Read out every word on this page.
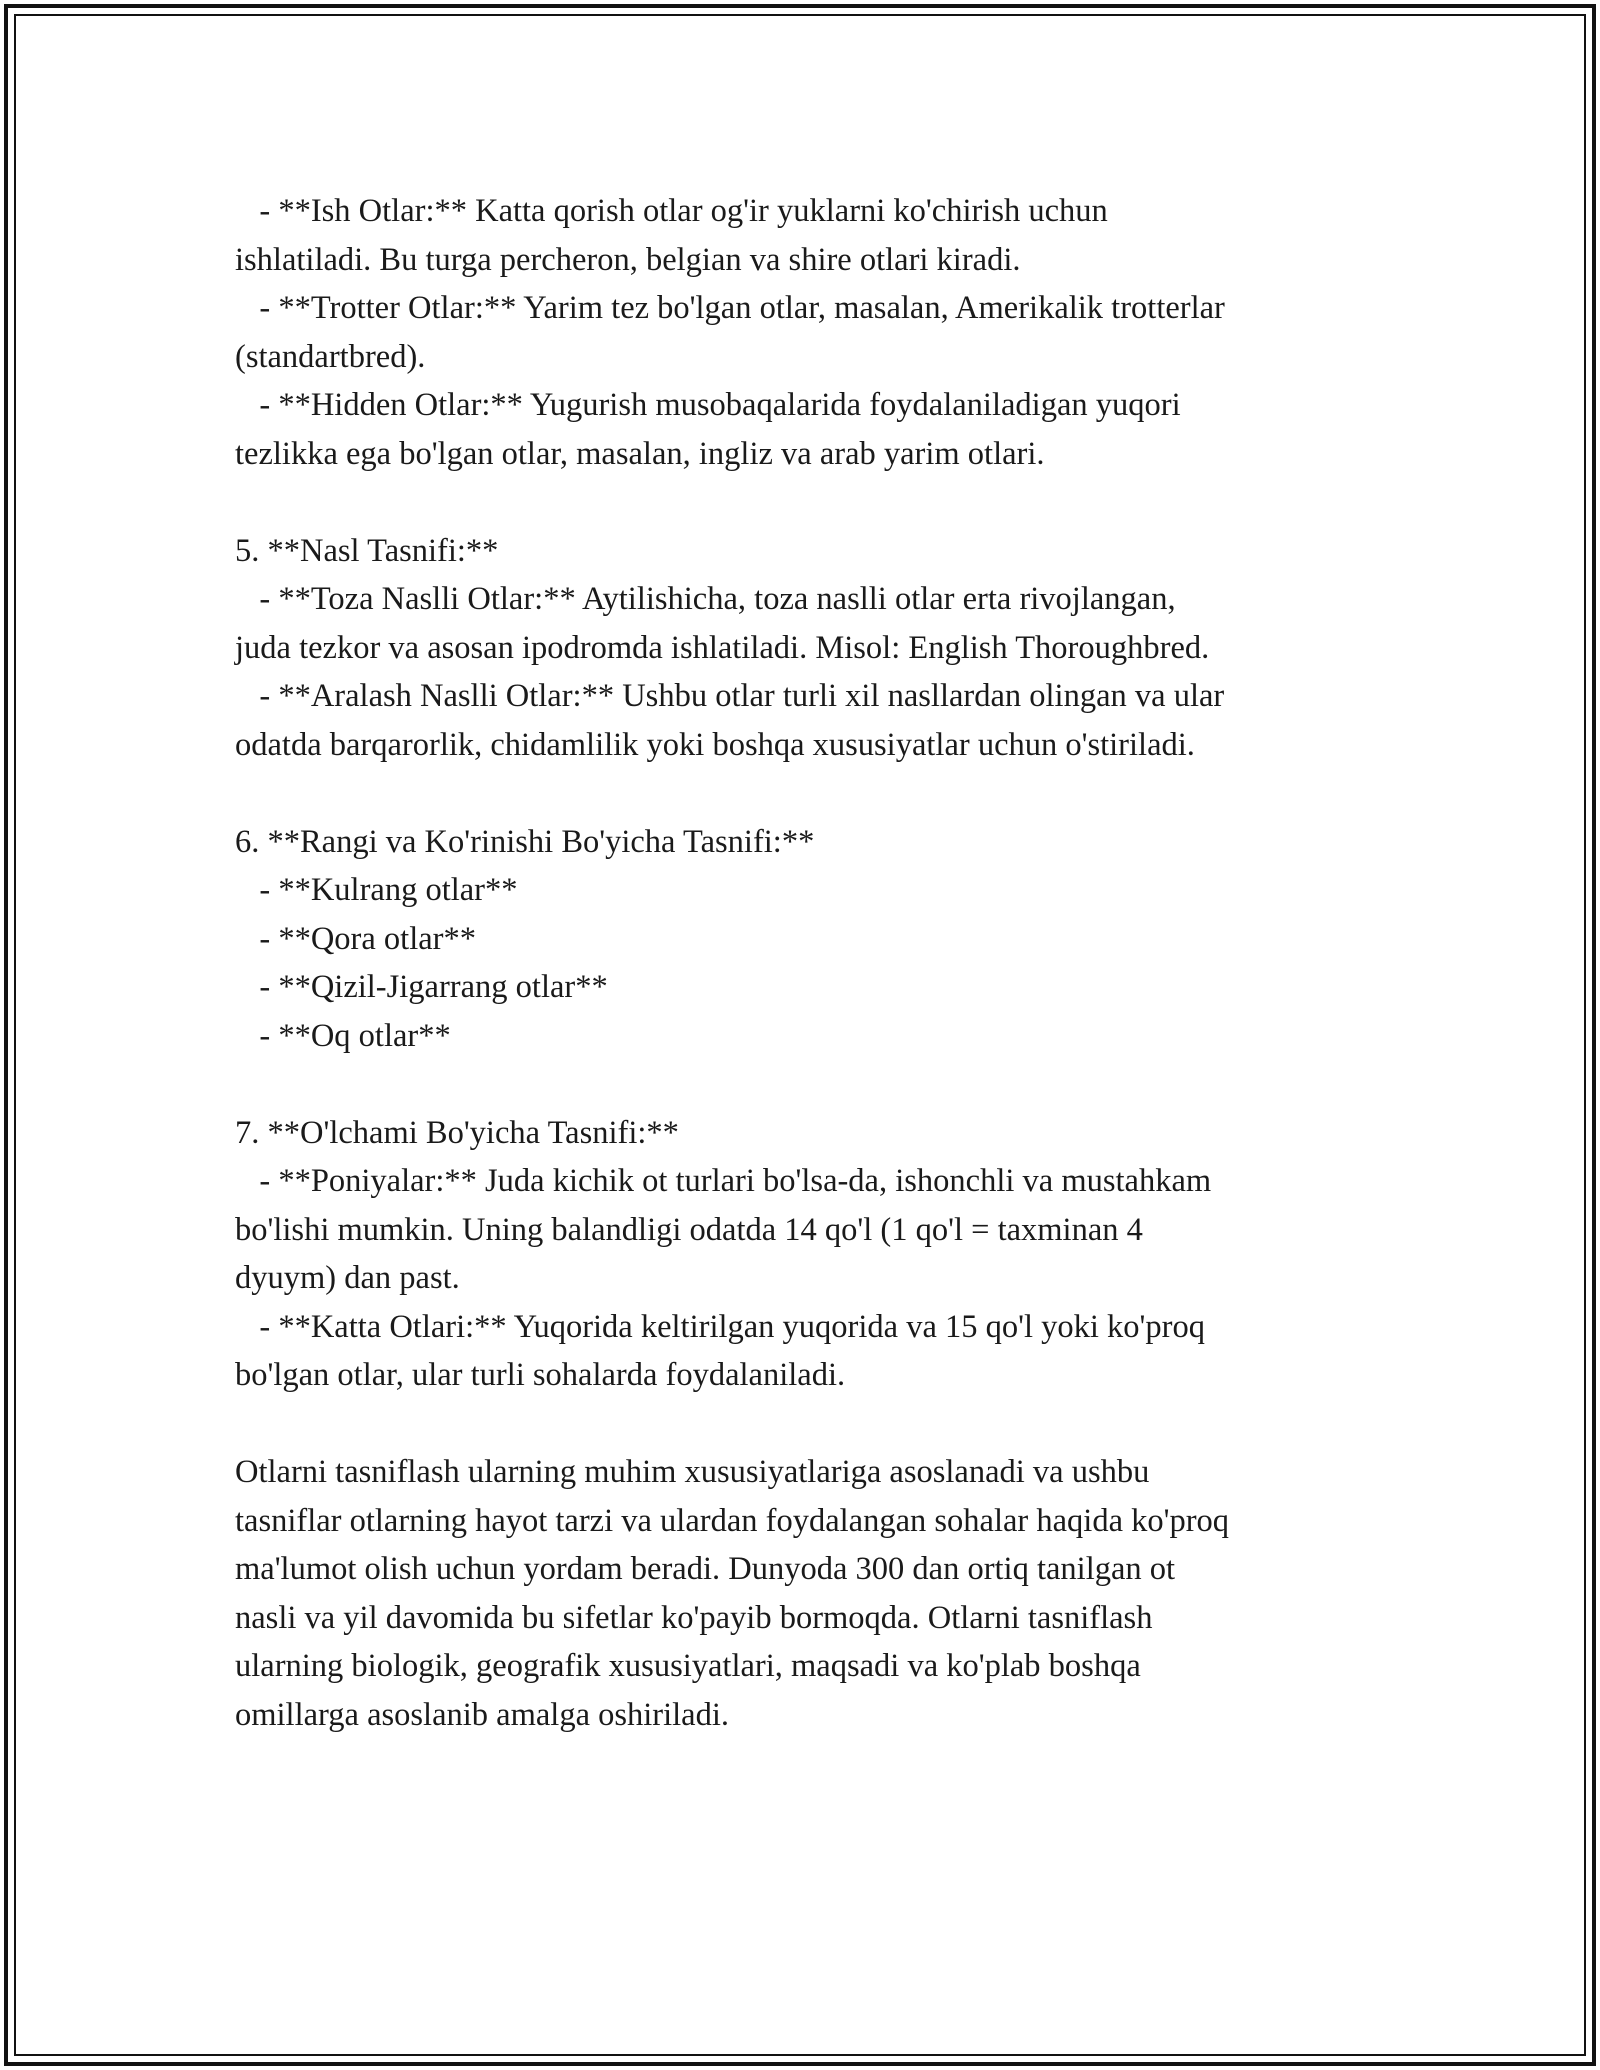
- **Ish Otlar:** Katta qorish otlar og'ir yuklarni ko'chirish uchun
ishlatiladi. Bu turga percheron, belgian va shire otlari kiradi.
- **Trotter Otlar:** Yarim tez bo'lgan otlar, masalan, Amerikalik trotterlar
(standartbred).
- **Hidden Otlar:** Yugurish musobaqalarida foydalaniladigan yuqori
tezlikka ega bo'lgan otlar, masalan, ingliz va arab yarim otlari.
5. **Nasl Tasnifi:**
- **Toza Naslli Otlar:** Aytilishicha, toza naslli otlar erta rivojlangan,
juda tezkor va asosan ipodromda ishlatiladi. Misol: English Thoroughbred.
- **Aralash Naslli Otlar:** Ushbu otlar turli xil nasllardan olingan va ular
odatda barqarorlik, chidamlilik yoki boshqa xususiyatlar uchun o'stiriladi.
6. **Rangi va Ko'rinishi Bo'yicha Tasnifi:**
- **Kulrang otlar**
- **Qora otlar**
- **Qizil-Jigarrang otlar**
- **Oq otlar**
7. **O'lchami Bo'yicha Tasnifi:**
- **Poniyalar:** Juda kichik ot turlari bo'lsa-da, ishonchli va mustahkam
bo'lishi mumkin. Uning balandligi odatda 14 qo'l (1 qo'l = taxminan 4
dyuym) dan past.
- **Katta Otlari:** Yuqorida keltirilgan yuqorida va 15 qo'l yoki ko'proq
bo'lgan otlar, ular turli sohalarda foydalaniladi.
Otlarni tasniflash ularning muhim xususiyatlariga asoslanadi va ushbu
tasniflar otlarning hayot tarzi va ulardan foydalangan sohalar haqida ko'proq
ma'lumot olish uchun yordam beradi. Dunyoda 300 dan ortiq tanilgan ot
nasli va yil davomida bu sifetlar ko'payib bormoqda. Otlarni tasniflash
ularning biologik, geografik xususiyatlari, maqsadi va ko'plab boshqa
omillarga asoslanib amalga oshiriladi.
